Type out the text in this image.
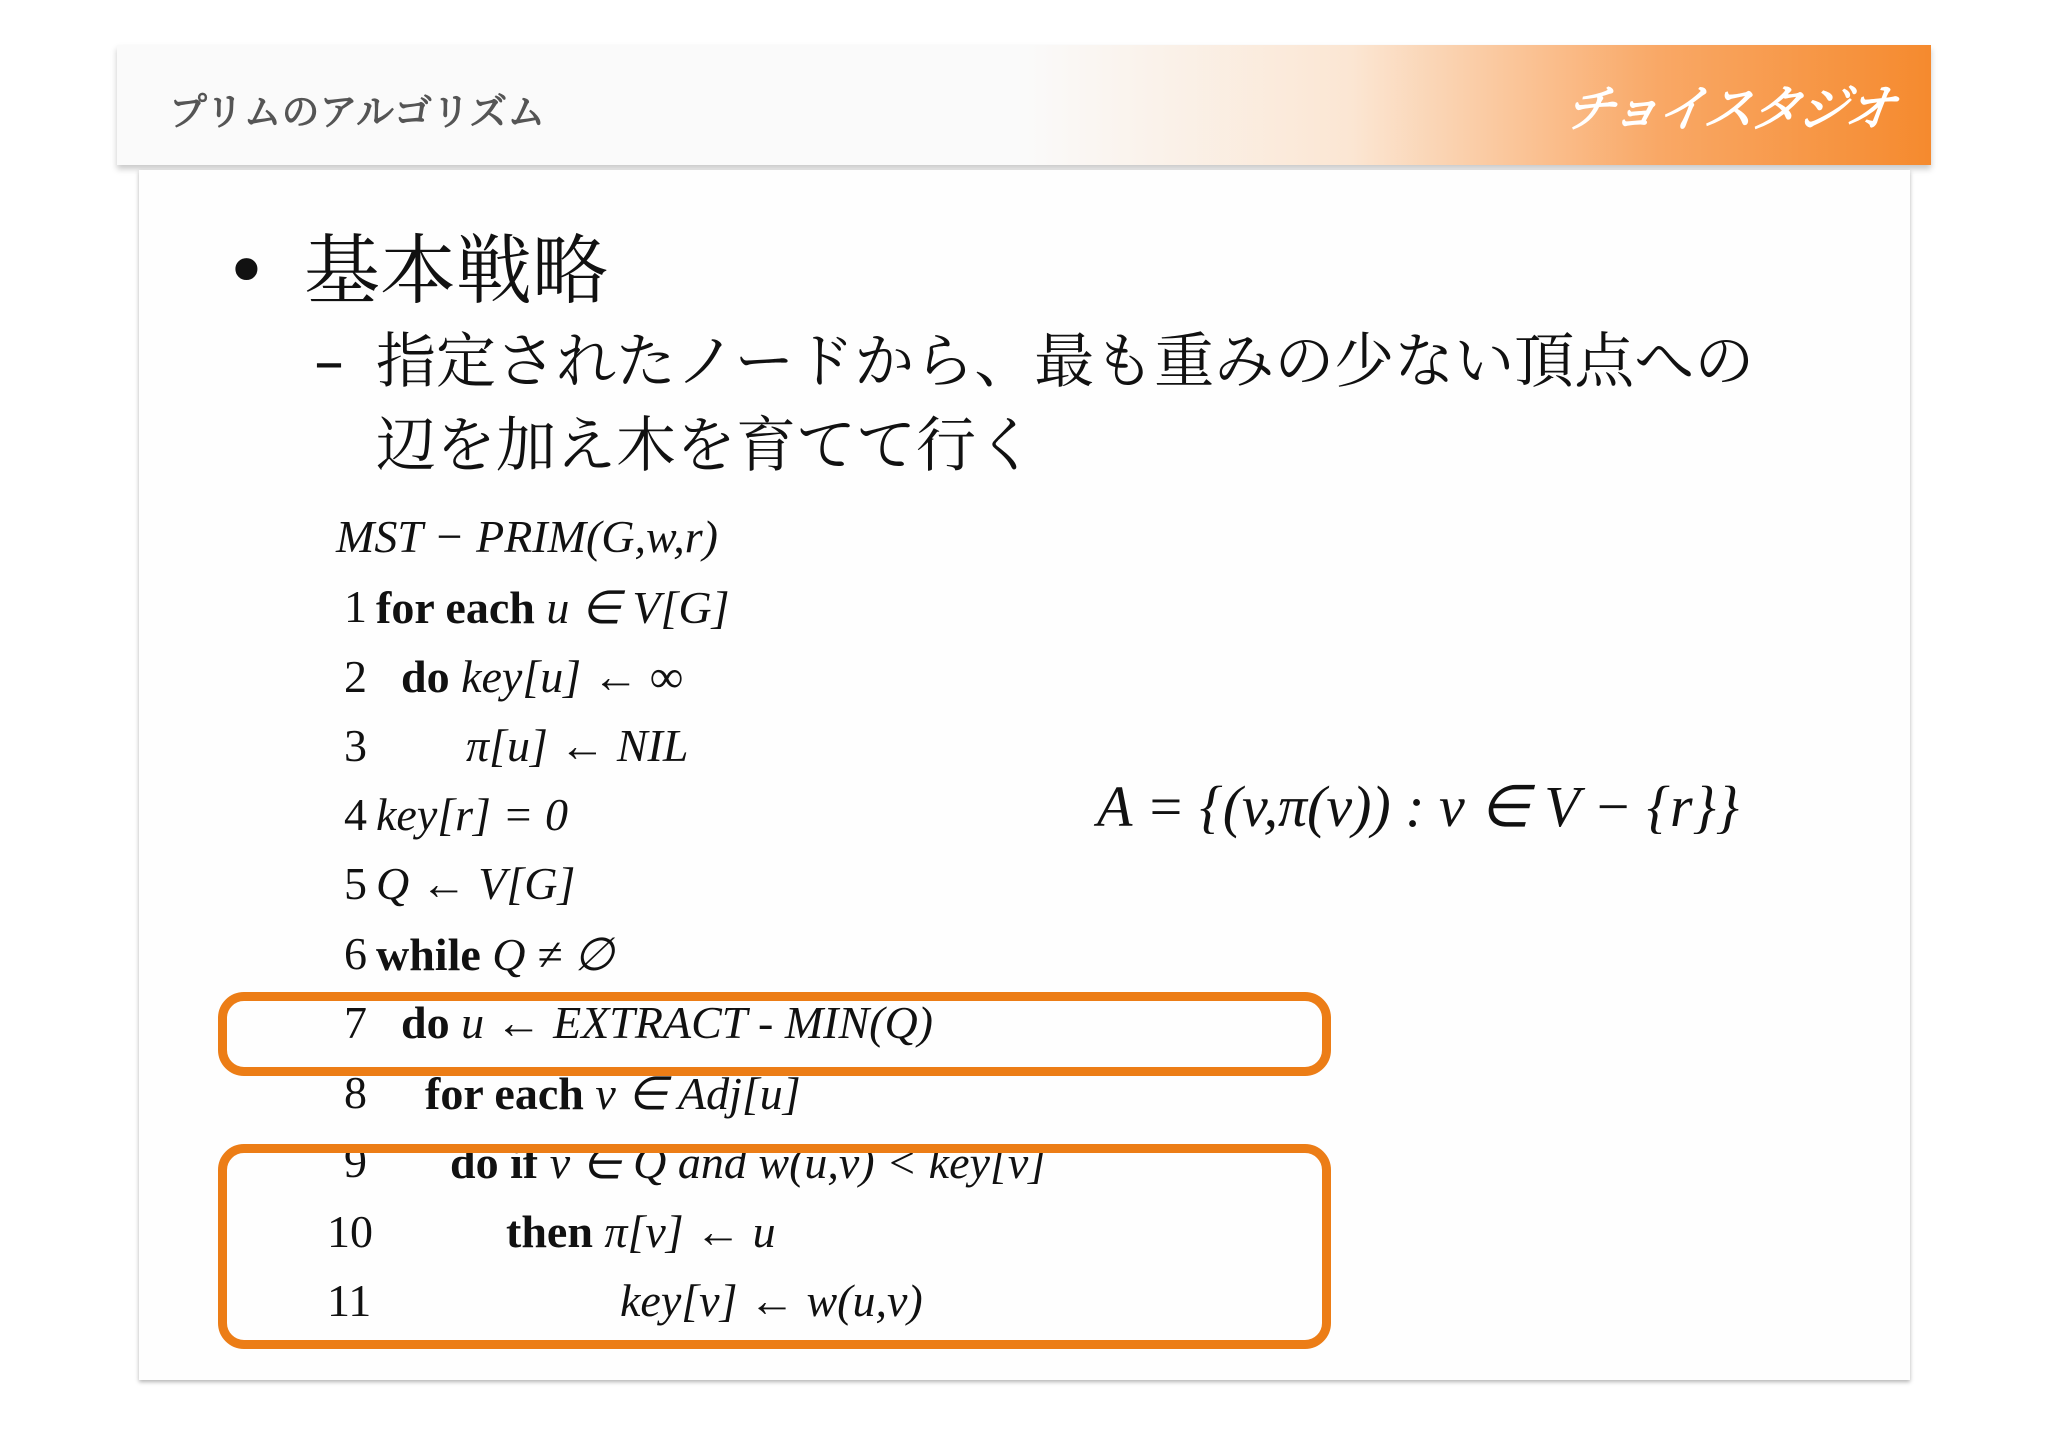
プリムのアルゴリズム	チョイスタジオ
• 基本戦略
– 指定されたノードから、最も重みの少ない頂点への辺を加え木を育てて行く
MST − PRIM(G,w,r)
1 for each u ∈ V[G]
2 do key[u] ← ∞
3 π[u] ← NIL
4 key[r] = 0
5 Q ← V[G]
6 while Q ≠ ∅
7 do u ← EXTRACT - MIN(Q)
8 for each v ∈ Adj[u]
9 do if v ∈ Q and w(u,v) < key[v]
10	then π[v] ← u
11	key[v] ← w(u,v)
A = {(v,π(v)) : v ∈ V − {r}}
